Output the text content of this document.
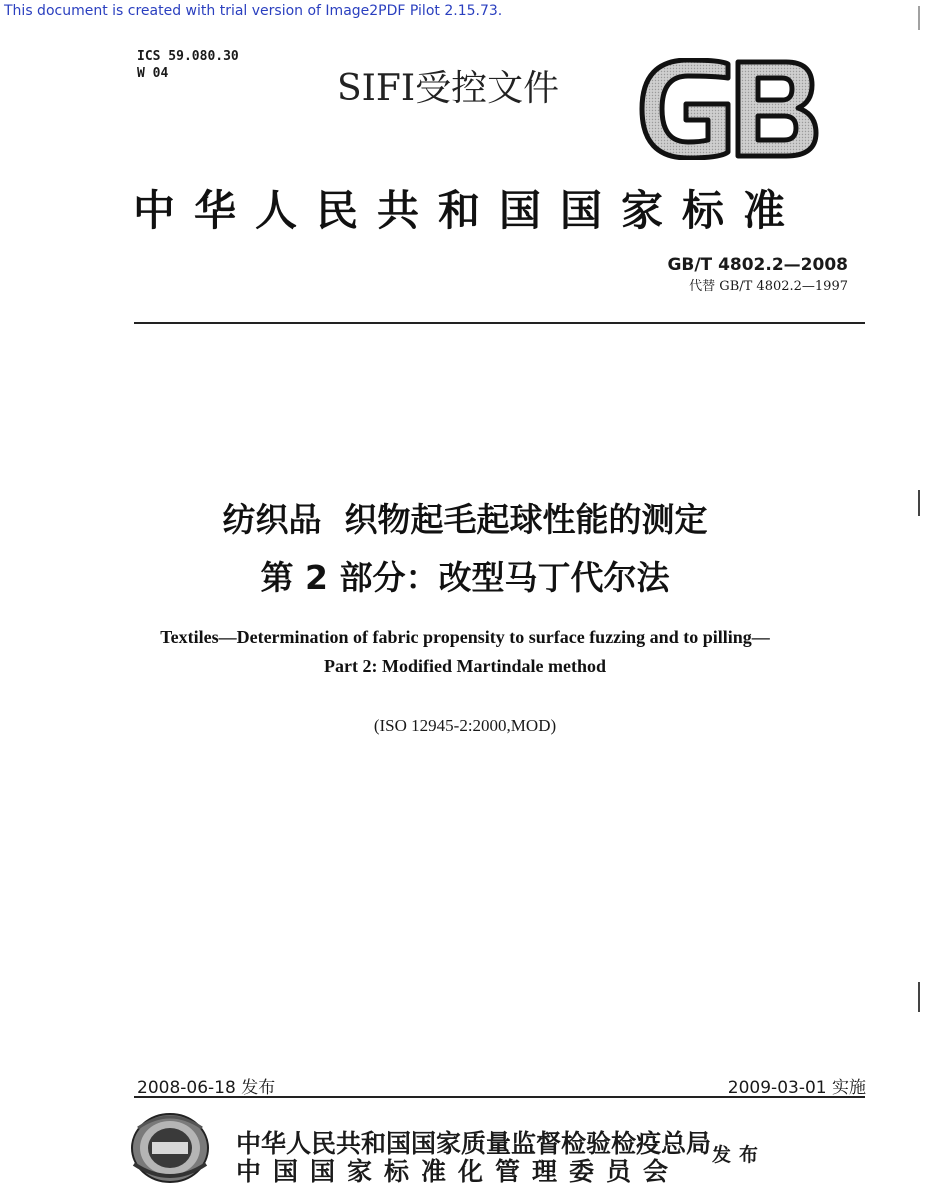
This document is created with trial version of Image2PDF Pilot 2.15.73.
ICS 59.080.30
W 04	SIFI受控文件
中华人民共和国国家标准
GB/T 4802.2—2008
代替 GB/T 4802.2—1997
纺织品  织物起毛起球性能的测定
第 2 部分：改型马丁代尔法
Textiles—Determination of fabric propensity to surface fuzzing and to pilling—
Part 2: Modified Martindale method
(ISO 12945-2:2000,MOD)
2008-06-18 发布	2009-03-01 实施
中华人民共和国国家质量监督检验检疫总局
中国国家标准化管理委员会
发布
